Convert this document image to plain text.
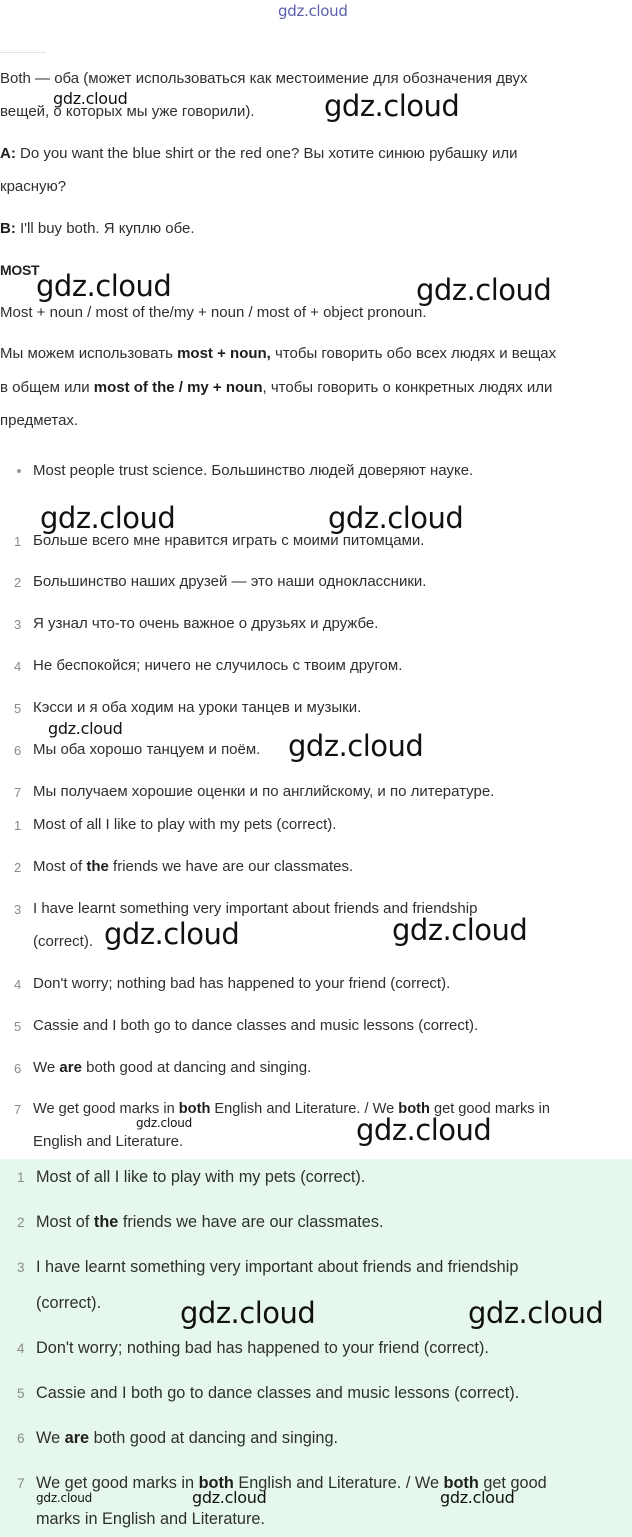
gdz.cloud
Both — оба (может использоваться как местоимение для обозначения двух
вещей, о которых мы уже говорили).
A: Do you want the blue shirt or the red one? Вы хотите синюю рубашку или
красную?
B: I'll buy both. Я куплю обе.
MOST
Most + noun / most of the/my + noun / most of + object pronoun.
Мы можем использовать most + noun, чтобы говорить обо всех людях и вещах
в общем или most of the / my + noun, чтобы говорить о конкретных людях или
предметах.
Most people trust science. Большинство людей доверяют науке.
1 Больше всего мне нравится играть с моими питомцами.
2 Большинство наших друзей — это наши одноклассники.
3 Я узнал что-то очень важное о друзьях и дружбе.
4 Не беспокойся; ничего не случилось с твоим другом.
5 Кэсси и я оба ходим на уроки танцев и музыки.
6 Мы оба хорошо танцуем и поём.
7 Мы получаем хорошие оценки и по английскому, и по литературе.
1 Most of all I like to play with my pets (correct).
2 Most of the friends we have are our classmates.
3 I have learnt something very important about friends and friendship
(correct).
4 Don't worry; nothing bad has happened to your friend (correct).
5 Cassie and I both go to dance classes and music lessons (correct).
6 We are both good at dancing and singing.
7 We get good marks in both English and Literature. / We both get good marks in
English and Literature.
1 Most of all I like to play with my pets (correct).
2 Most of the friends we have are our classmates.
3 I have learnt something very important about friends and friendship
(correct).
4 Don't worry; nothing bad has happened to your friend (correct).
5 Cassie and I both go to dance classes and music lessons (correct).
6 We are both good at dancing and singing.
7 We get good marks in both English and Literature. / We both get good
marks in English and Literature.
gdz.cloud	gdz.cloud
gdz.cloud	gdz.cloud
gdz.cloud	gdz.cloud
gdz.cloud
gdz.cloud
gdz.cloud	gdz.cloud
gdz.cloud	gdz.cloud
gdz.cloud	gdz.cloud
gdz.cloud	gdz.cloud	gdz.cloud
